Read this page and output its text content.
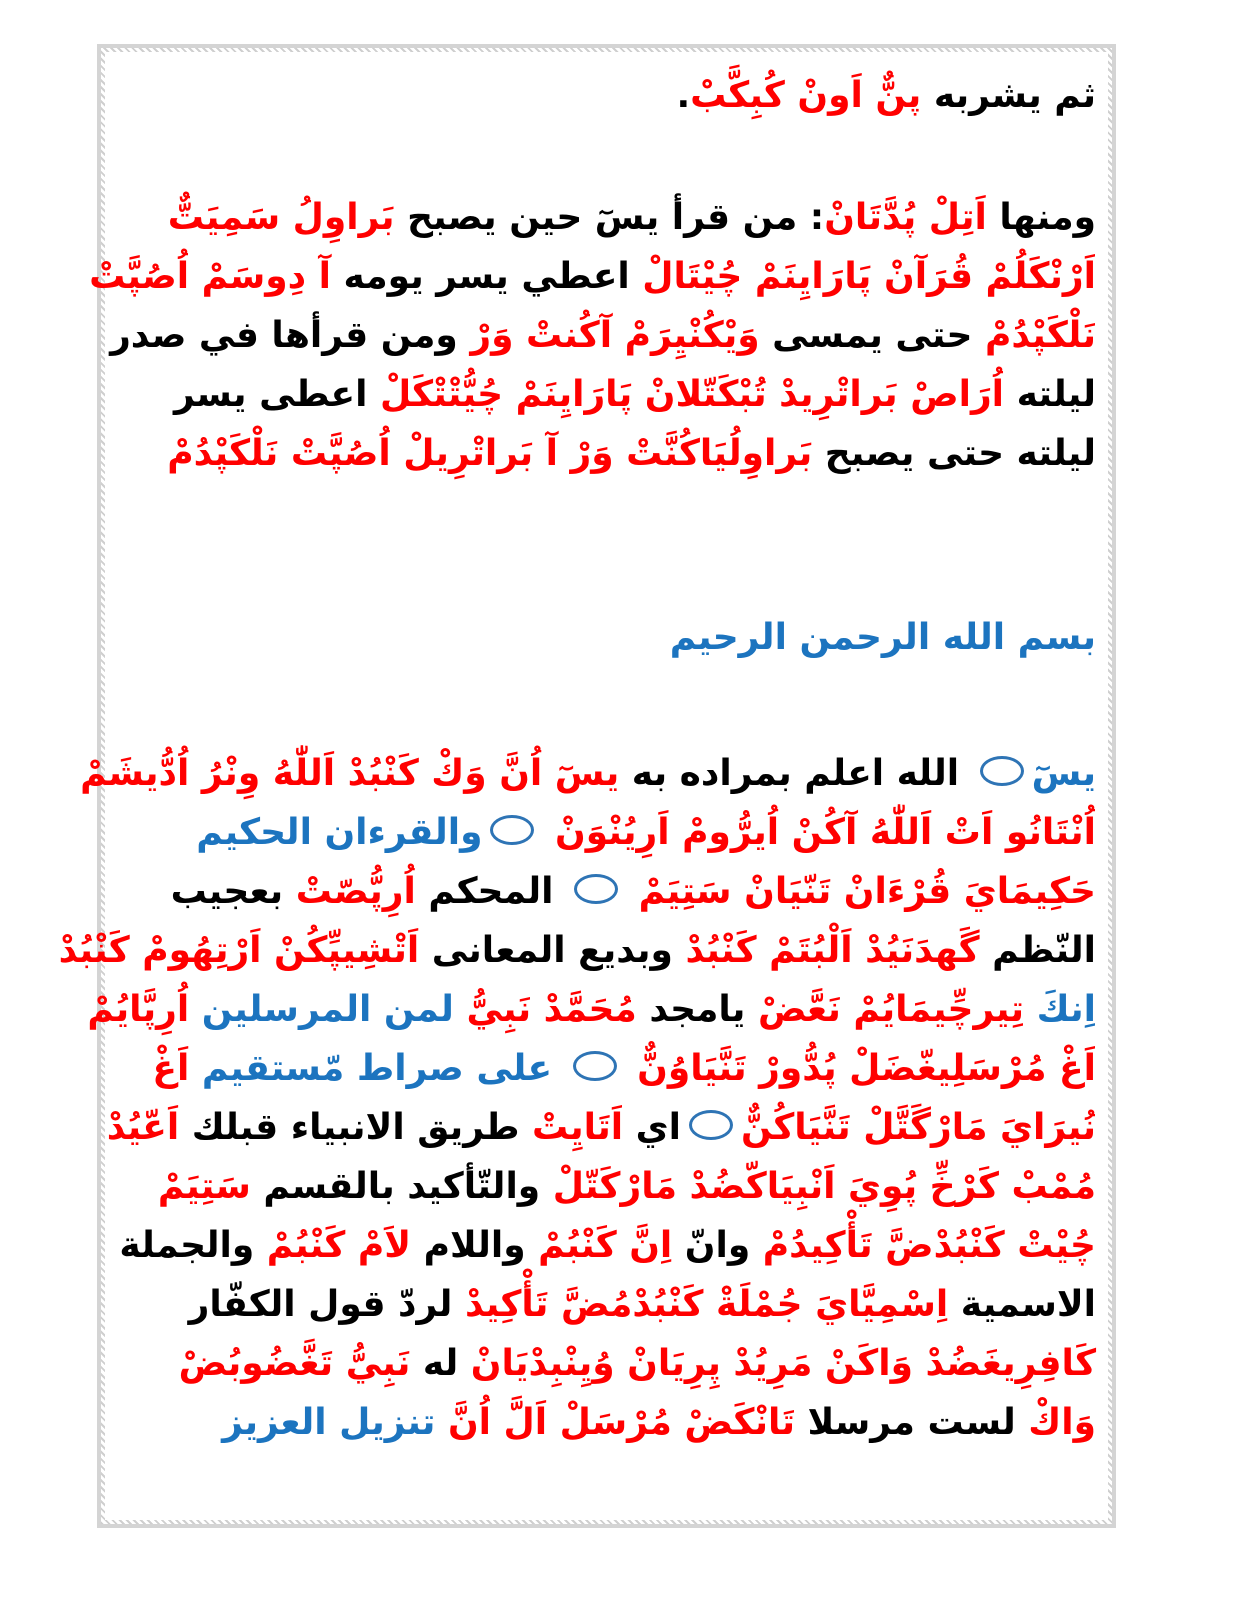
ثم يشربه پنٌّ اَونْ كُبِكَّبْ.
ومنها اَتِلْ پُدَّتَانْ: من قرأ يسٓ حين يصبح بَراوِلُ سَمِيَتٌّ
اَرْنْكَلُمْ قُرَآنْ پَارَايِنَمْ چُيْتَالْ اعطي يسر يومه آ دِوسَمْ اُصُپَّتْ
نَلْكَپْدُمْ حتى يمسى وَيْكُنْيِرَمْ آكُنتْ وَرْ ومن قرأها في صدر
ليلته اُرَاصْ بَراتْرِيدْ تُبْكَتّلانْ پَارَايِنَمْ چُيُّتْتْكَلْ اعطى يسر
ليلته حتى يصبح بَراوِلُيَاكُنَّتْ وَرْ آ بَراتْرِيلْ اُصُپَّتْ نَلْكَپْدُمْ
بسم الله الرحمن الرحيم
يسٓ الله اعلم بمراده به يسٓ اُنَّ وَكْ كَنْبُدْ اَللّٰهُ وِنْرُ اُدُّيشَمْ
اُنْتَانُو اَتْ اَللّٰهُ آكُنْ اُيرُّومْ اَرِيُنْوَنْ والقرءان الحكيم
حَكِيمَايَ قُرْءَانْ تَنّيَانْ سَتِيَمْ  المحكم اُرِپُّصّتْ بعجيب
النّظم گَهدَنَيُدْ اَلْبُتَمْ كَنْبُدْ وبديع المعانى اَتْشِيپِّكُنْ اَرْتِهُومْ كَنْبُدْ
اِنكَ تِيرچِّيمَايُمْ نَعَّضْ يامجد مُحَمَّدْ نَبِيُّ لمن المرسلين اُرِپَّايُمْ
اَغْ مُرْسَلِيغّضَلْ پُدُّورْ تَنَّيَاوُنٌّ  على صراط مّستقيم اَغْ
نُيرَايَ مَارْگَتَّلْ تَنَّيَاكُنٌّاي اَتَايِتْ طريق الانبياء قبلك اَعّيُدْ
مُمْبْ كَرْخِّ پُوِيَ اَنْبِيَاكّضُدْ مَارْكَتّلْ والتّأكيد بالقسم سَتِيَمْ
چُيْتْ كَنْبُدْضَّ تَأْكِيدُمْ وانّ اِنَّ كَنْبُمْ واللام لاَمْ كَنْبُمْ والجملة
الاسمية اِسْمِيَّايَ جُمْلَةْ كَنْبُدْمُضَّ تَأْكِيدْ لردّ قول الكفّار
كَافِرِيغَضُدْ وَاكَنْ مَرِيُدْ پِرِيَانْ وُيِنْبِدْيَانْ له نَبِيُّ تَغَّضُوبُضْ
وَاكْ لست مرسلا تَانْكَضْ مُرْسَلْ اَلَّ اُنَّ تنزيل العزيز
